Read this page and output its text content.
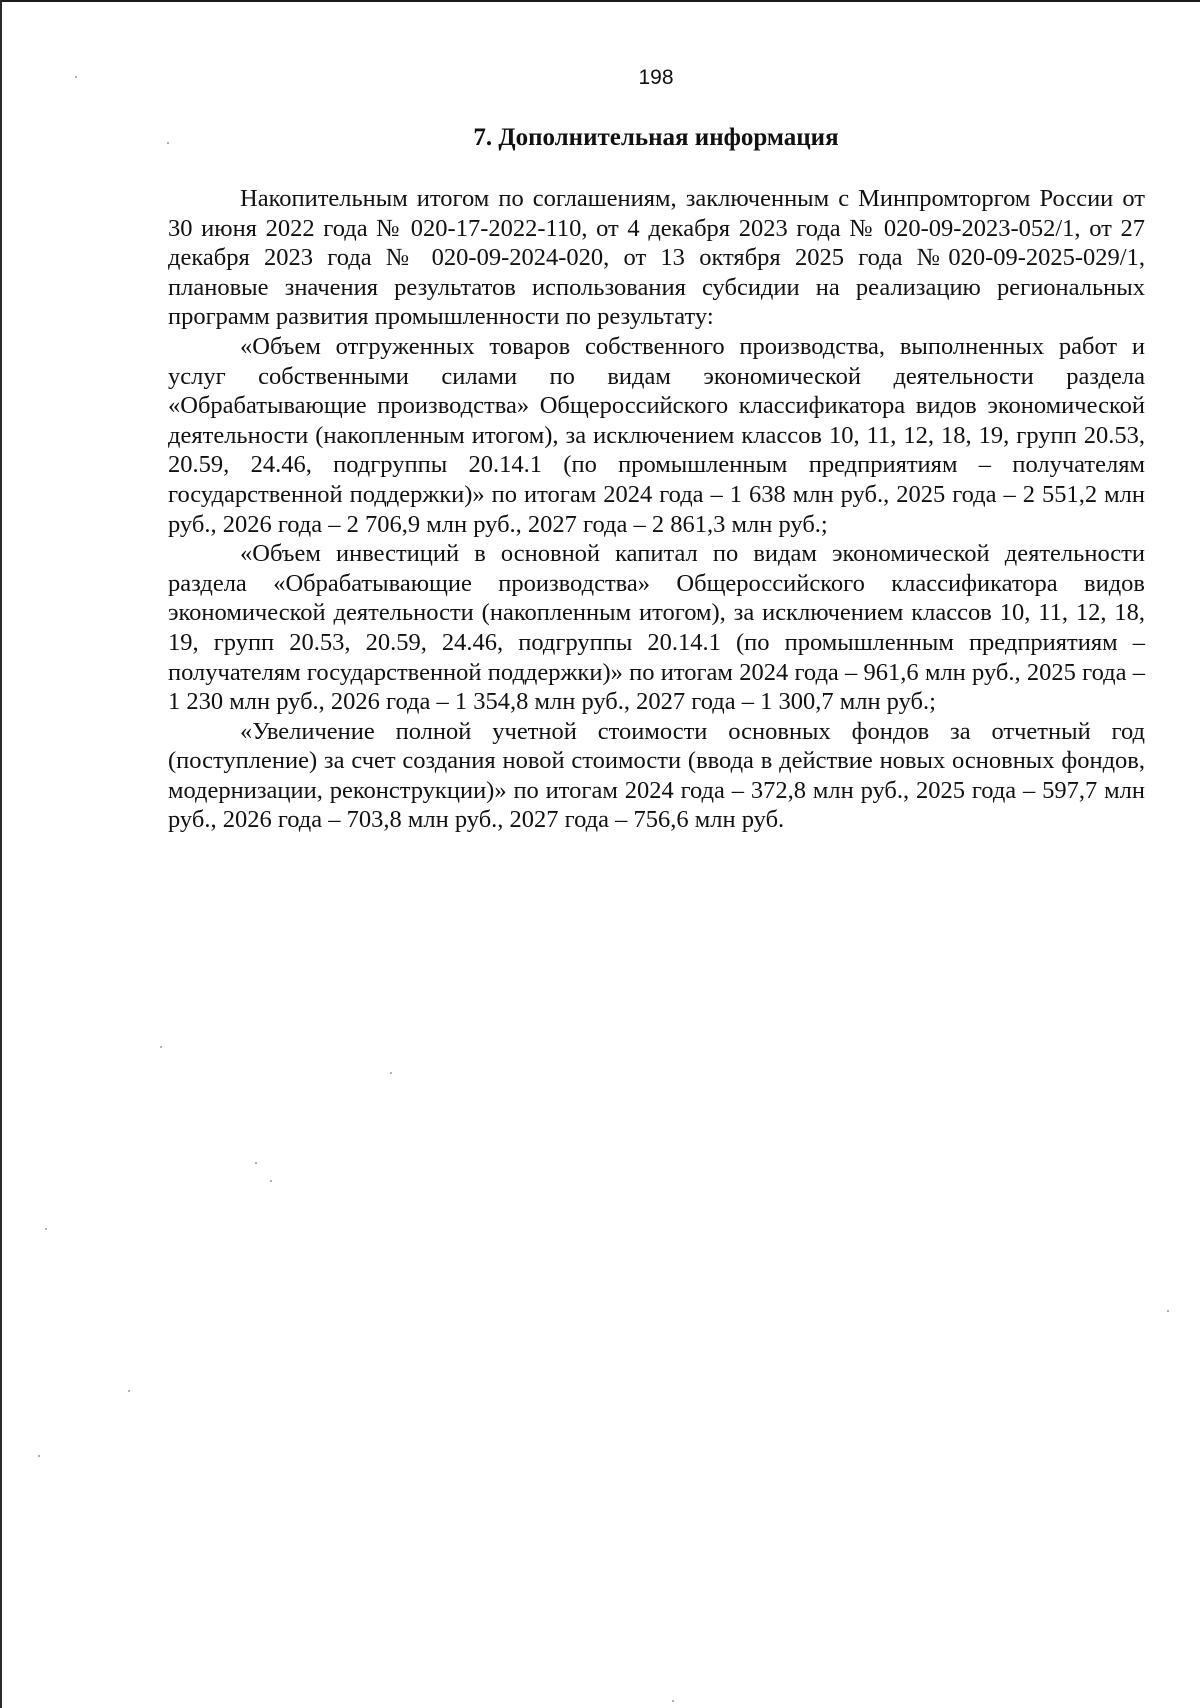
198
7. Дополнительная информация

Накопительным итогом по соглашениям, заключенным с Минпромторгом России от 30 июня 2022 года № 020-17-2022-110, от 4 декабря 2023 года № 020-09-2023-052/1, от 27 декабря 2023 года № 020-09-2024-020, от 13 октября 2025 года №020-09-2025-029/1, плановые значения результатов использования субсидии на реализацию региональных программ развития промышленности по результату:

«Объем отгруженных товаров собственного производства, выполненных работ и услуг собственными силами по видам экономической деятельности раздела «Обрабатывающие производства» Общероссийского классификатора видов экономической деятельности (накопленным итогом), за исключением классов 10, 11, 12, 18, 19, групп 20.53, 20.59, 24.46, подгруппы 20.14.1 (по промышленным предприятиям – получателям государственной поддержки)» по итогам 2024 года – 1 638 млн руб., 2025 года – 2 551,2 млн руб., 2026 года – 2 706,9 млн руб., 2027 года – 2 861,3 млн руб.;

«Объем инвестиций в основной капитал по видам экономической деятельности раздела «Обрабатывающие производства» Общероссийского классификатора видов экономической деятельности (накопленным итогом), за исключением классов 10, 11, 12, 18, 19, групп 20.53, 20.59, 24.46, подгруппы 20.14.1 (по промышленным предприятиям – получателям государственной поддержки)» по итогам 2024 года – 961,6 млн руб., 2025 года – 1 230 млн руб., 2026 года – 1 354,8 млн руб., 2027 года – 1 300,7 млн руб.;

«Увеличение полной учетной стоимости основных фондов за отчетный год (поступление) за счет создания новой стоимости (ввода в действие новых основных фондов, модернизации, реконструкции)» по итогам 2024 года – 372,8 млн руб., 2025 года – 597,7 млн руб., 2026 года – 703,8 млн руб., 2027 года – 756,6 млн руб.
